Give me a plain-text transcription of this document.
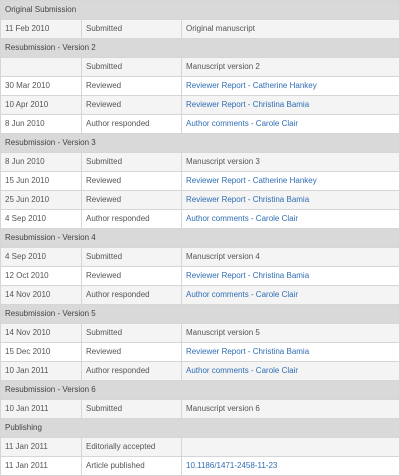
Original Submission		
11 Feb 2010	Submitted	Original manuscript
Resubmission - Version 2		
	Submitted	Manuscript version 2
30 Mar 2010	Reviewed	Reviewer Report - Catherine Hankey
10 Apr 2010	Reviewed	Reviewer Report - Christina Bamia
8 Jun 2010	Author responded	Author comments - Carole Clair
Resubmission - Version 3		
8 Jun 2010	Submitted	Manuscript version 3
15 Jun 2010	Reviewed	Reviewer Report - Catherine Hankey
25 Jun 2010	Reviewed	Reviewer Report - Christina Bamia
4 Sep 2010	Author responded	Author comments - Carole Clair
Resubmission - Version 4		
4 Sep 2010	Submitted	Manuscript version 4
12 Oct 2010	Reviewed	Reviewer Report - Christina Bamia
14 Nov 2010	Author responded	Author comments - Carole Clair
Resubmission - Version 5		
14 Nov 2010	Submitted	Manuscript version 5
15 Dec 2010	Reviewed	Reviewer Report - Christina Bamia
10 Jan 2011	Author responded	Author comments - Carole Clair
Resubmission - Version 6		
10 Jan 2011	Submitted	Manuscript version 6
Publishing		
11 Jan 2011	Editorially accepted	
11 Jan 2011	Article published	10.1186/1471-2458-11-23
